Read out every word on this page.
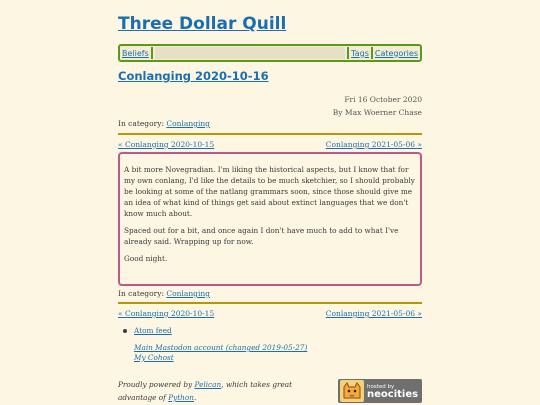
Three Dollar Quill
Beliefs	Tags Categories
Conlanging 2020-10-16
Fri 16 October 2020
By Max Woerner Chase
In category: Conlanging
« Conlanging 2020-10-15	Conlanging 2021-05-06 »

A bit more Novegradian. I'm liking the historical aspects, but I know that for my own conlang, I'd like the details to be much sketchier, so I should probably be looking at some of the natlang grammars soon, since those should give me an idea of what kind of things get said about extinct languages that we don't know much about.

Spaced out for a bit, and once again I don't have much to add to what I've already said. Wrapping up for now.

Good night.

In category: Conlanging
« Conlanging 2020-10-15	Conlanging 2021-05-06 »
Atom feed
Main Mastodon account (changed 2019-05-27)
My Cohost
Proudly powered by Pelican, which takes great advantage of Python.
hosted by
neocities
